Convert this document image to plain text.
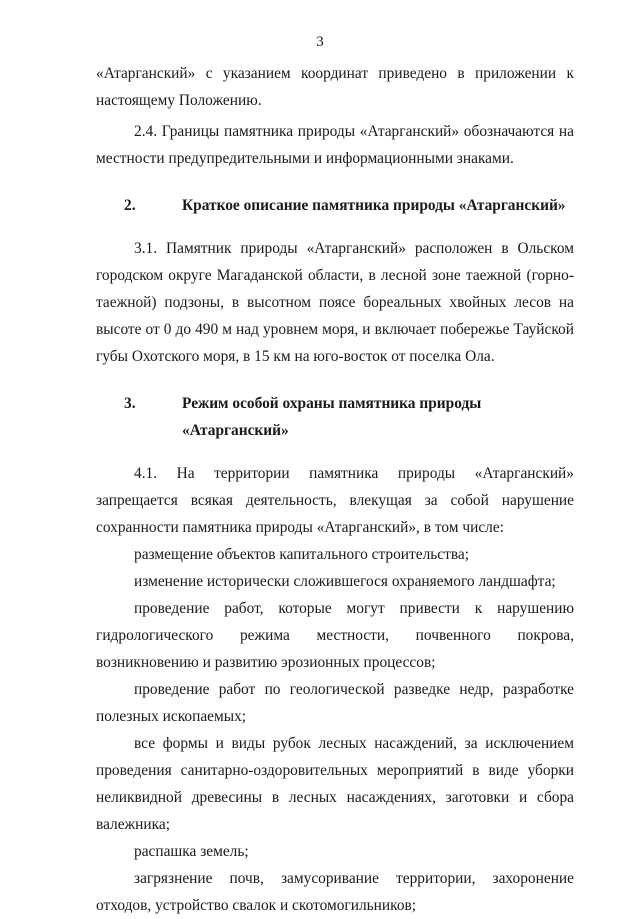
3

«Атарганский» с указанием координат приведено в приложении к настоящему Положению.

2.4. Границы памятника природы «Атарганский» обозначаются на местности предупредительными и информационными знаками.

2.	Краткое описание памятника природы «Атарганский»

3.1. Памятник природы «Атарганский» расположен в Ольском городском округе Магаданской области, в лесной зоне таежной (горно-таежной) подзоны, в высотном поясе бореальных хвойных лесов на высоте от 0 до 490 м над уровнем моря, и включает побережье Тауйской губы Охотского моря, в 15 км на юго-восток от поселка Ола.

3.	Режим особой охраны памятника природы «Атарганский»

4.1. На территории памятника природы «Атарганский» запрещается всякая деятельность, влекущая за собой нарушение сохранности памятника природы «Атарганский», в том числе:

размещение объектов капитального строительства;

изменение исторически сложившегося охраняемого ландшафта;

проведение работ, которые могут привести к нарушению гидрологического режима местности, почвенного покрова, возникновению и развитию эрозионных процессов;

проведение работ по геологической разведке недр, разработке полезных ископаемых;

все формы и виды рубок лесных насаждений, за исключением проведения санитарно-оздоровительных мероприятий в виде уборки неликвидной древесины в лесных насаждениях, заготовки и сбора валежника;

распашка земель;

загрязнение почв, замусоривание территории, захоронение отходов, устройство свалок и скотомогильников;
